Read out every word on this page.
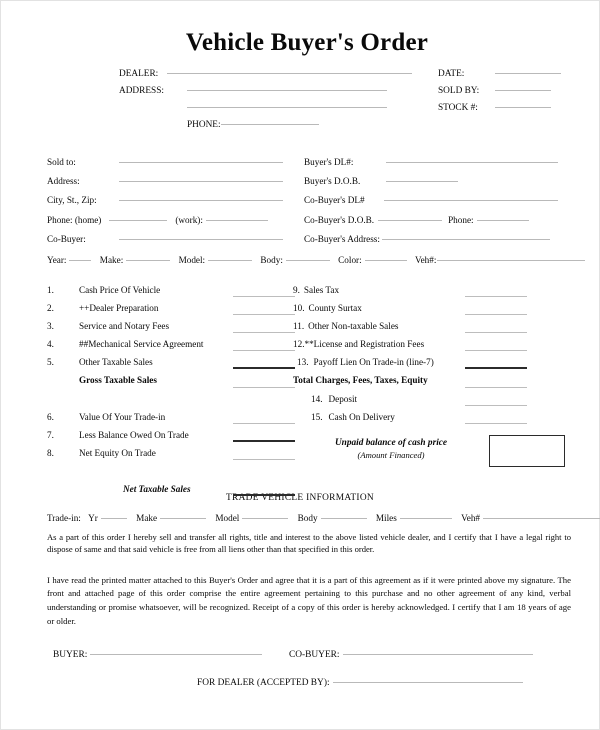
Vehicle Buyer's Order
DEALER:
ADDRESS:
PHONE:
DATE:
SOLD BY:
STOCK #:
Sold to:
Address:
City, St., Zip:
Phone: (home)	(work):
Co-Buyer:
Buyer's DL#:
Buyer's D.O.B.
Co-Buyer's DL#
Co-Buyer's D.O.B.	Phone:
Co-Buyer's Address:
Year:	Make:	Model:	Body:	Color:	Veh#:
1.	Cash Price Of Vehicle
2.	++Dealer Preparation
3.	Service and Notary Fees
4.	##Mechanical Service Agreement
5.	Other Taxable Sales
Gross Taxable Sales
6.	Value Of Your Trade-in
7.	Less Balance Owed On Trade
8.	Net Equity On Trade
Net Taxable Sales
9. Sales Tax
10. County Surtax
11. Other Non-taxable Sales
12.**License and Registration Fees
13. Payoff Lien On Trade-in (line-7)
Total Charges, Fees, Taxes, Equity
14. Deposit
15. Cash On Delivery
Unpaid balance of cash price
(Amount Financed)
TRADE VEHICLE INFORMATION
Trade-in: Yr	Make	Model	Body	Miles	Veh#
As a part of this order I hereby sell and transfer all rights, title and interest to the above listed vehicle dealer, and I certify that I have a legal right to dispose of same and that said vehicle is free from all liens other than that specified in this order.
I have read the printed matter attached to this Buyer's Order and agree that it is a part of this agreement as if it were printed above my signature. The front and attached page of this order comprise the entire agreement pertaining to this purchase and no other agreement of any kind, verbal understanding or promise whatsoever, will be recognized. Receipt of a copy of this order is hereby acknowledged. I certify that I am 18 years of age or older.
BUYER:	CO-BUYER:
FOR DEALER (ACCEPTED BY):
